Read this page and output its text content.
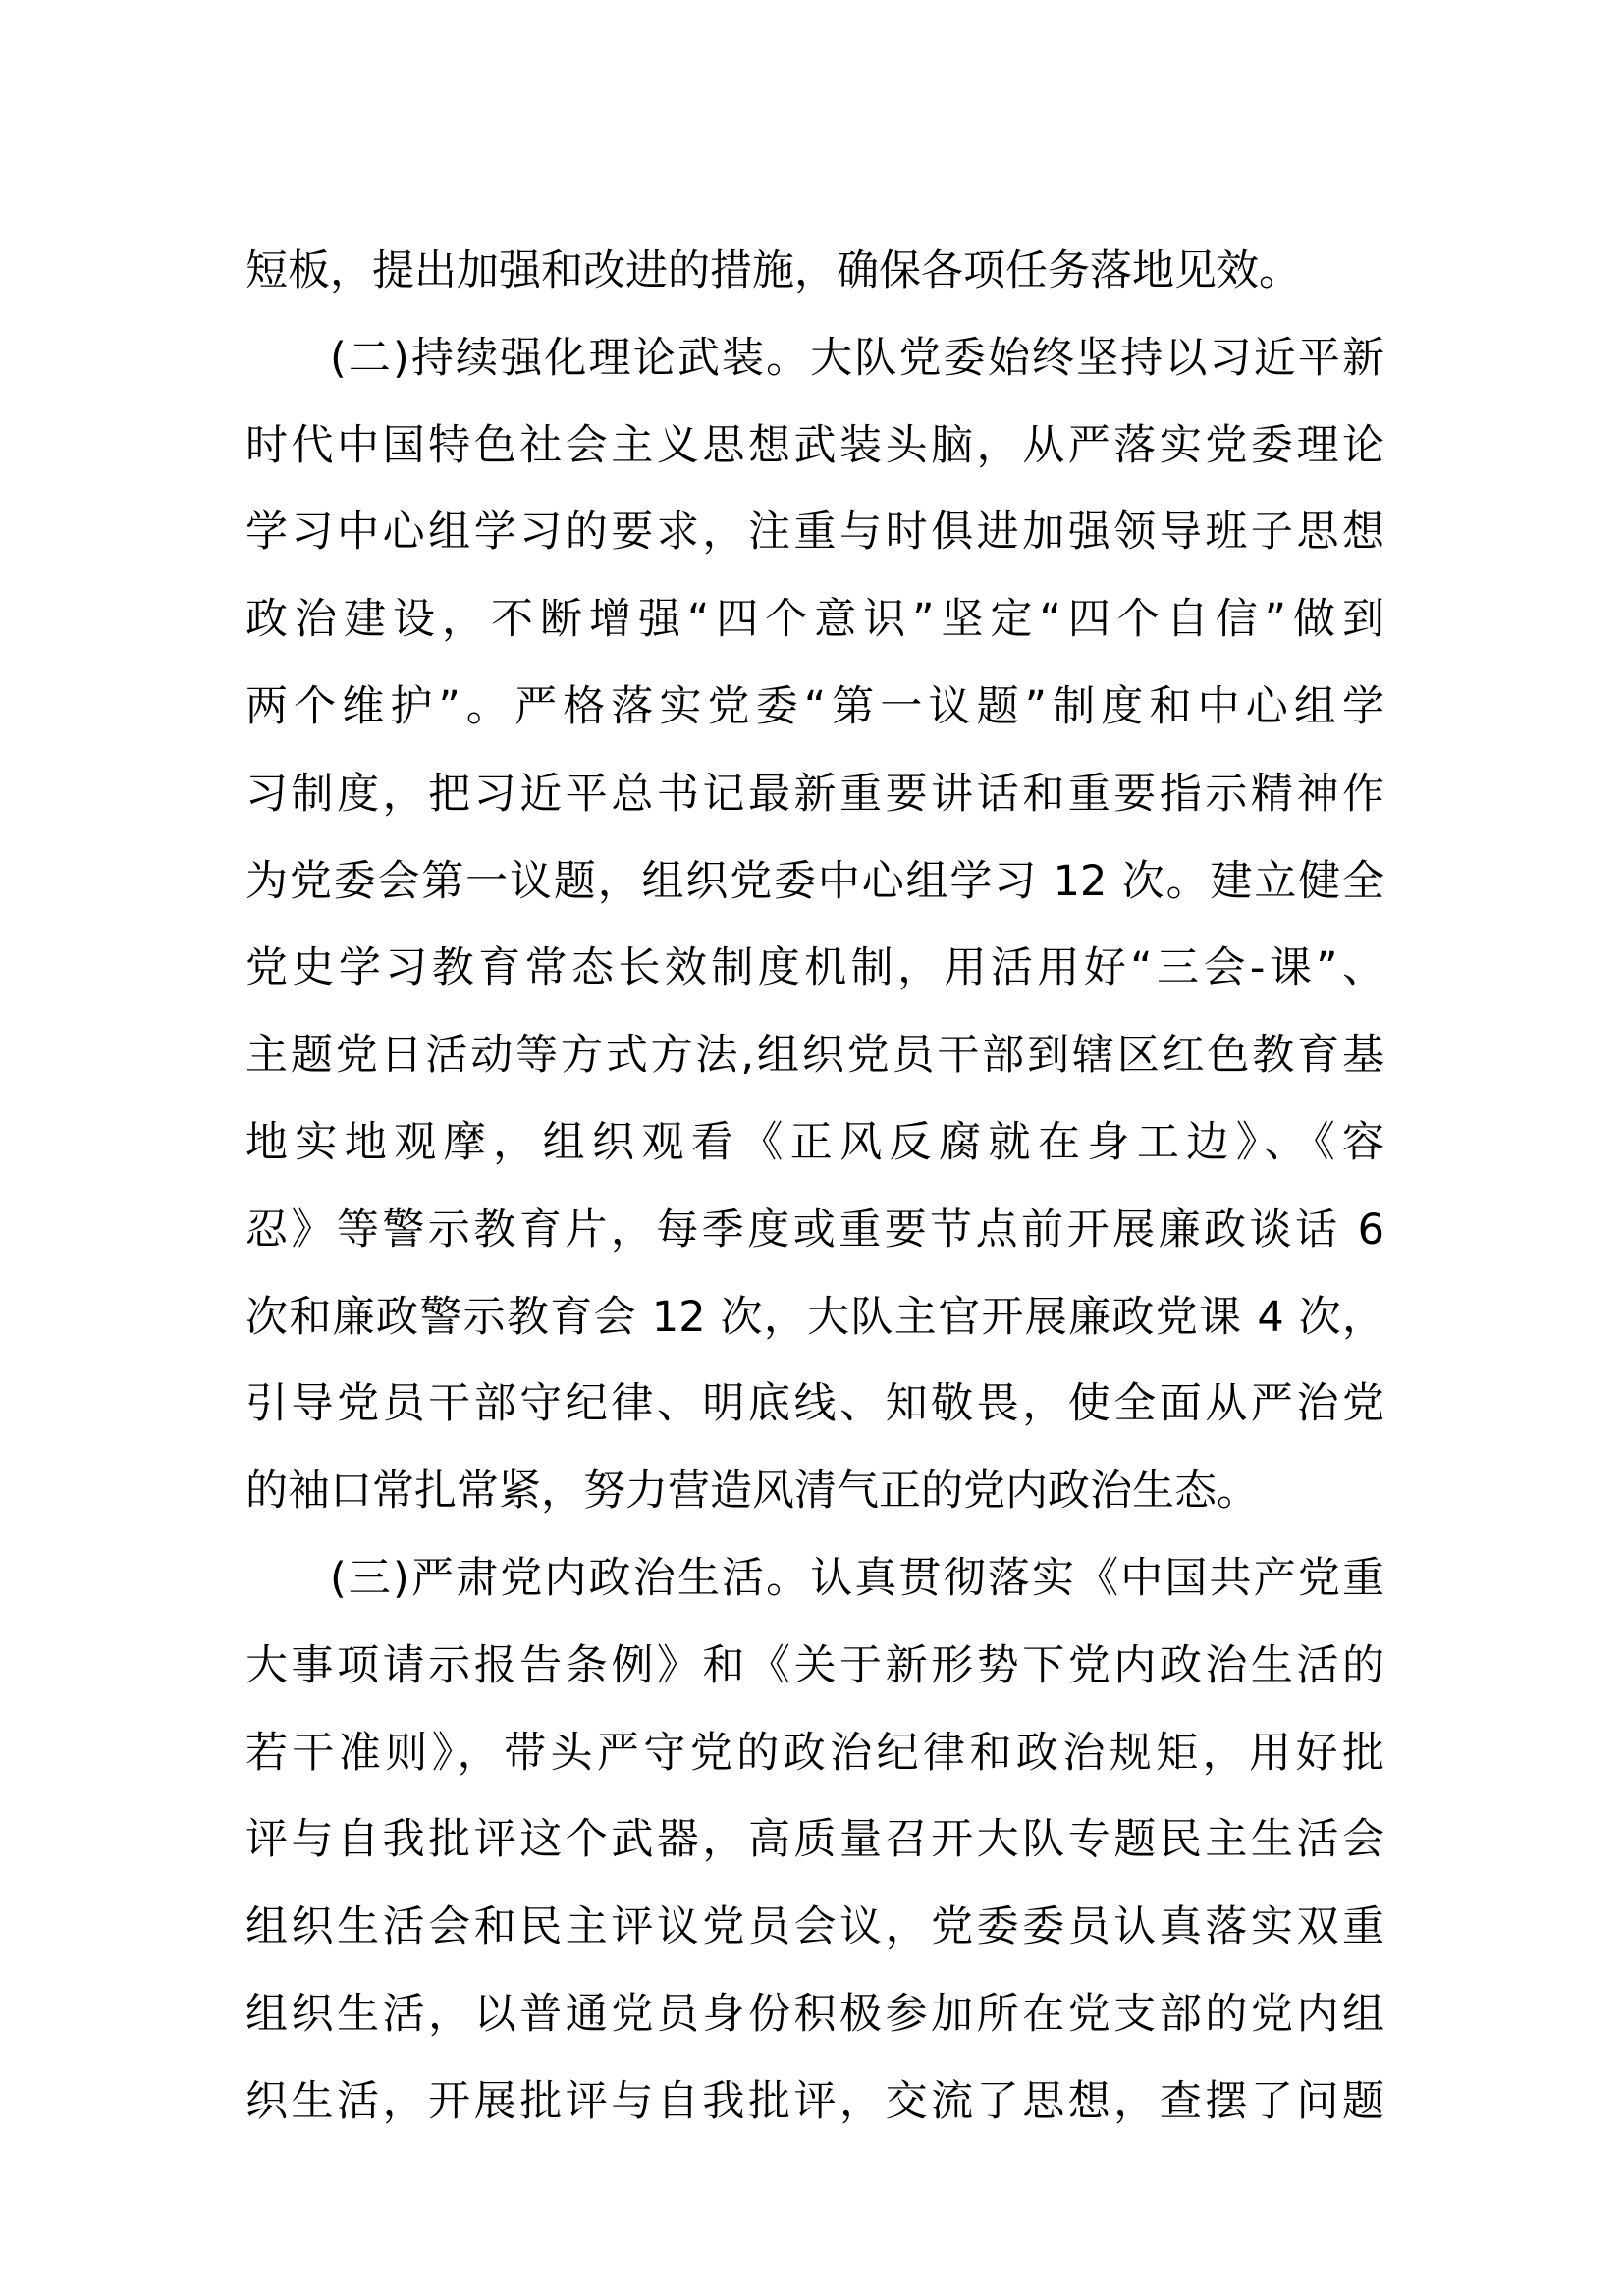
短板，提出加强和改进的措施，确保各项任务落地见效。
(二)持续强化理论武装。大队党委始终坚持以习近平新
时代中国特色社会主义思想武装头脑，从严落实党委理论
学习中心组学习的要求，注重与时俱进加强领导班子思想
政治建设，不断增强“四个意识”坚定“四个自信”做到
两个维护”。严格落实党委“第一议题”制度和中心组学
习制度，把习近平总书记最新重要讲话和重要指示精神作
为党委会第一议题，组织党委中心组学习 12 次。建立健全
党史学习教育常态长效制度机制，用活用好“三会-课”、
主题党日活动等方式方法,组织党员干部到辖区红色教育基
地实地观摩，组织观看《正风反腐就在身工边》、《容
忍》等警示教育片，每季度或重要节点前开展廉政谈话 6
次和廉政警示教育会 12 次，大队主官开展廉政党课 4 次，
引导党员干部守纪律、明底线、知敬畏，使全面从严治党
的袖口常扎常紧，努力营造风清气正的党内政治生态。
(三)严肃党内政治生活。认真贯彻落实《中国共产党重
大事项请示报告条例》和《关于新形势下党内政治生活的
若干准则》，带头严守党的政治纪律和政治规矩，用好批
评与自我批评这个武器，高质量召开大队专题民主生活会
组织生活会和民主评议党员会议，党委委员认真落实双重
组织生活，以普通党员身份积极参加所在党支部的党内组
织生活，开展批评与自我批评，交流了思想，查摆了问题
